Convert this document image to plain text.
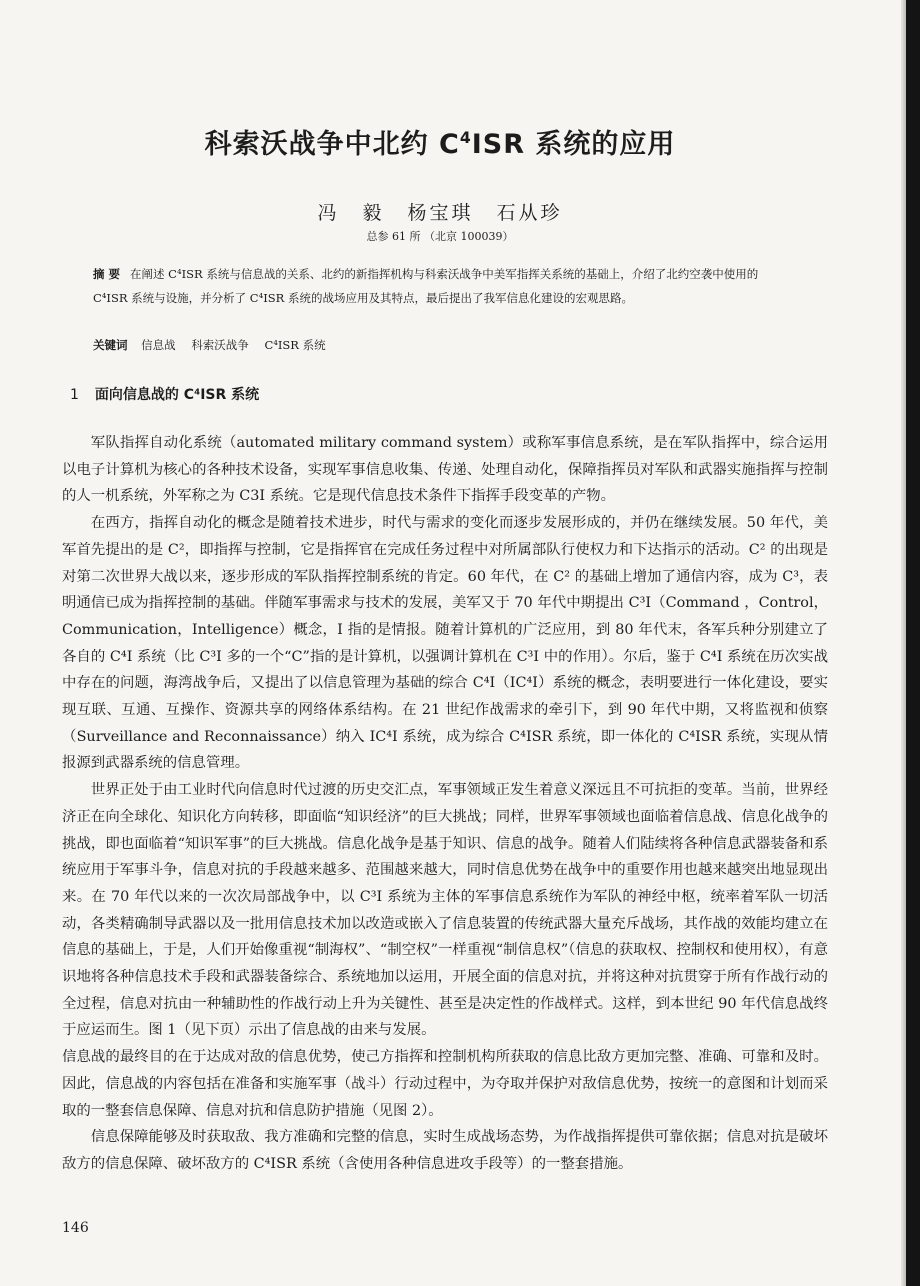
科索沃战争中北约 $C^4ISR$ 系统的应用
冯 毅 杨宝琪 石从珍
总参 61 所 （北京 100039）

摘 要 在阐述 C⁴ISR 系统与信息战的关系、北约的新指挥机构与科索沃战争中美军指挥关系统的基础上，介绍了北约空袭中使用的 C⁴ISR 系统与设施，并分析了 C⁴ISR 系统的战场应用及其特点，最后提出了我军信息化建设的宏观思路。

关键词 信息战 科索沃战争 C⁴ISR 系统

1 面向信息战的 C⁴ISR 系统

军队指挥自动化系统（automated military command system）或称军事信息系统，是在军队指挥中，综合运用以电子计算机为核心的各种技术设备，实现军事信息收集、传递、处理自动化，保障指挥员对军队和武器实施指挥与控制的人一机系统，外军称之为 C3I 系统。它是现代信息技术条件下指挥手段变革的产物。

在西方，指挥自动化的概念是随着技术进步，时代与需求的变化而逐步发展形成的，并仍在继续发展。50 年代，美军首先提出的是 C²，即指挥与控制，它是指挥官在完成任务过程中对所属部队行使权力和下达指示的活动。C² 的出现是对第二次世界大战以来，逐步形成的军队指挥控制系统的肯定。60 年代，在 C² 的基础上增加了通信内容，成为 C³，表明通信已成为指挥控制的基础。伴随军事需求与技术的发展，美军又于 70 年代中期提出 C³I（Command ，Control，Communication，Intelligence）概念，I 指的是情报。随着计算机的广泛应用，到 80 年代末，各军兵种分别建立了各自的 C⁴I 系统（比 C³I 多的一个“C”指的是计算机，以强调计算机在 C³I 中的作用）。尔后，鉴于 C⁴I 系统在历次实战中存在的问题，海湾战争后，又提出了以信息管理为基础的综合 C⁴I（IC⁴I）系统的概念，表明要进行一体化建设，要实现互联、互通、互操作、资源共享的网络体系结构。在 21 世纪作战需求的牵引下，到 90 年代中期，又将监视和侦察（Surveillance and Reconnaissance）纳入 IC⁴I 系统，成为综合 C⁴ISR 系统，即一体化的 C⁴ISR 系统，实现从情报源到武器系统的信息管理。

世界正处于由工业时代向信息时代过渡的历史交汇点，军事领域正发生着意义深远且不可抗拒的变革。当前，世界经济正在向全球化、知识化方向转移，即面临“知识经济”的巨大挑战；同样，世界军事领域也面临着信息战、信息化战争的挑战，即也面临着“知识军事”的巨大挑战。信息化战争是基于知识、信息的战争。随着人们陆续将各种信息武器装备和系统应用于军事斗争，信息对抗的手段越来越多、范围越来越大，同时信息优势在战争中的重要作用也越来越突出地显现出来。在 70 年代以来的一次次局部战争中，以 C³I 系统为主体的军事信息系统作为军队的神经中枢，统率着军队一切活动，各类精确制导武器以及一批用信息技术加以改造或嵌入了信息装置的传统武器大量充斥战场，其作战的效能均建立在信息的基础上，于是，人们开始像重视“制海权”、“制空权”一样重视“制信息权”（信息的获取权、控制权和使用权），有意识地将各种信息技术手段和武器装备综合、系统地加以运用，开展全面的信息对抗，并将这种对抗贯穿于所有作战行动的全过程，信息对抗由一种辅助性的作战行动上升为关键性、甚至是决定性的作战样式。这样，到本世纪 90 年代信息战终于应运而生。图 1（见下页）示出了信息战的由来与发展。

信息战的最终目的在于达成对敌的信息优势，使己方指挥和控制机构所获取的信息比敌方更加完整、准确、可靠和及时。因此，信息战的内容包括在准备和实施军事（战斗）行动过程中，为夺取并保护对敌信息优势，按统一的意图和计划而采取的一整套信息保障、信息对抗和信息防护措施（见图 2）。

信息保障能够及时获取敌、我方准确和完整的信息，实时生成战场态势，为作战指挥提供可靠依据；信息对抗是破坏敌方的信息保障、破坏敌方的 C⁴ISR 系统（含使用各种信息进攻手段等）的一整套措施。

146
